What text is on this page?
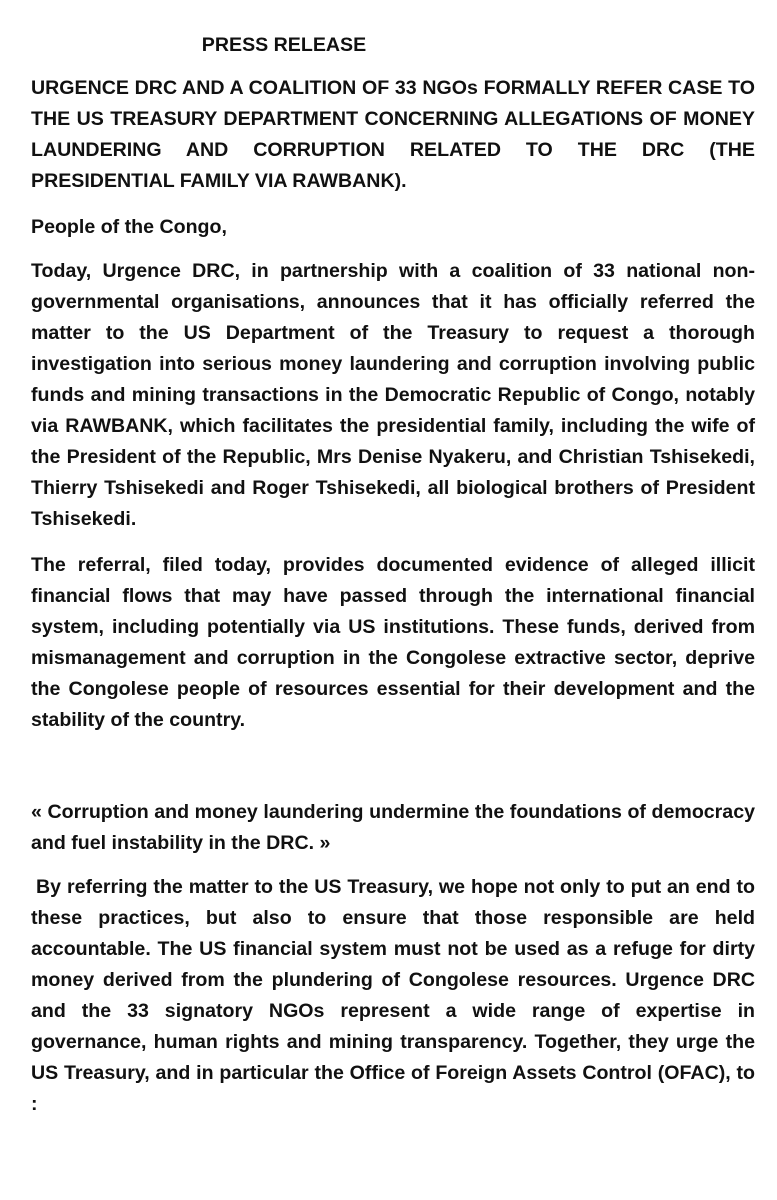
PRESS RELEASE

URGENCE DRC AND A COALITION OF 33 NGOs FORMALLY REFER CASE TO THE US TREASURY DEPARTMENT CONCERNING ALLEGATIONS OF MONEY LAUNDERING AND CORRUPTION RELATED TO THE DRC (THE PRESIDENTIAL FAMILY VIA RAWBANK).

People of the Congo,

Today, Urgence DRC, in partnership with a coalition of 33 national non-governmental organisations, announces that it has officially referred the matter to the US Department of the Treasury to request a thorough investigation into serious money laundering and corruption involving public funds and mining transactions in the Democratic Republic of Congo, notably via RAWBANK, which facilitates the presidential family, including the wife of the President of the Republic, Mrs Denise Nyakeru, and Christian Tshisekedi, Thierry Tshisekedi and Roger Tshisekedi, all biological brothers of President Tshisekedi.

The referral, filed today, provides documented evidence of alleged illicit financial flows that may have passed through the international financial system, including potentially via US institutions. These funds, derived from mismanagement and corruption in the Congolese extractive sector, deprive the Congolese people of resources essential for their development and the stability of the country.

« Corruption and money laundering undermine the foundations of democracy and fuel instability in the DRC. »

By referring the matter to the US Treasury, we hope not only to put an end to these practices, but also to ensure that those responsible are held accountable. The US financial system must not be used as a refuge for dirty money derived from the plundering of Congolese resources. Urgence DRC and the 33 signatory NGOs represent a wide range of expertise in governance, human rights and mining transparency. Together, they urge the US Treasury, and in particular the Office of Foreign Assets Control (OFAC), to :
